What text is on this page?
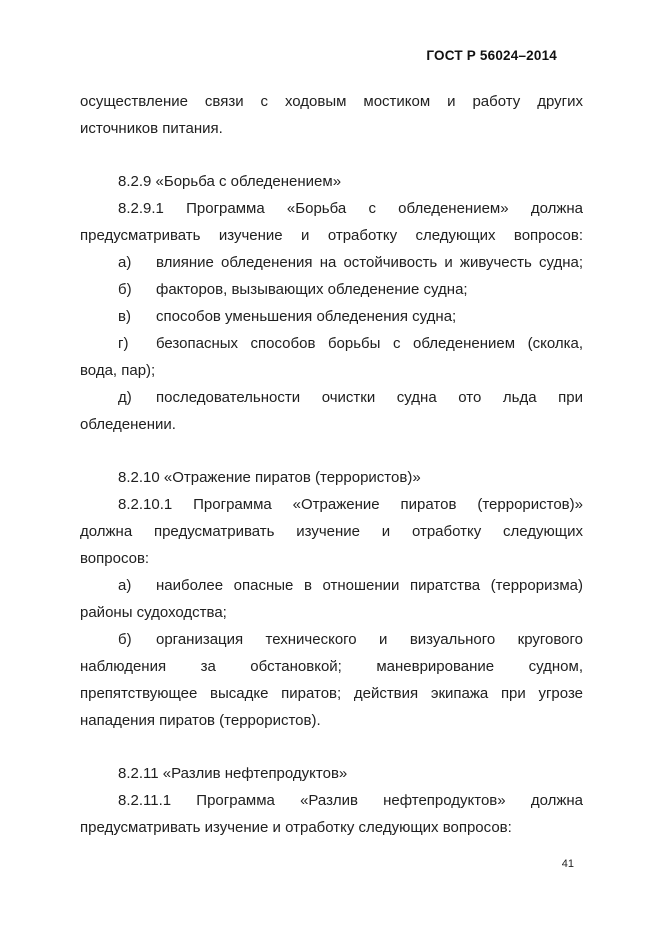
ГОСТ Р 56024–2014
осуществление связи с ходовым мостиком и работу других
источников питания.
8.2.9 «Борьба с обледенением»
8.2.9.1 Программа «Борьба с обледенением» должна
предусматривать изучение и отработку следующих вопросов:
а)	влияние обледенения на остойчивость и живучесть судна;
б)	факторов, вызывающих обледенение судна;
в)	способов уменьшения обледенения судна;
г)	безопасных способов борьбы с обледенением (сколка,
вода, пар);
д)	последовательности очистки судна ото льда при
обледенении.
8.2.10 «Отражение пиратов (террористов)»
8.2.10.1 Программа «Отражение пиратов (террористов)»
должна предусматривать изучение и отработку следующих
вопросов:
а)	наиболее опасные в отношении пиратства (терроризма)
районы судоходства;
б)	организация технического и визуального кругового
наблюдения за обстановкой; маневрирование судном,
препятствующее высадке пиратов; действия экипажа при угрозе
нападения пиратов (террористов).
8.2.11 «Разлив нефтепродуктов»
8.2.11.1 Программа «Разлив нефтепродуктов» должна
предусматривать изучение и отработку следующих вопросов:
41
